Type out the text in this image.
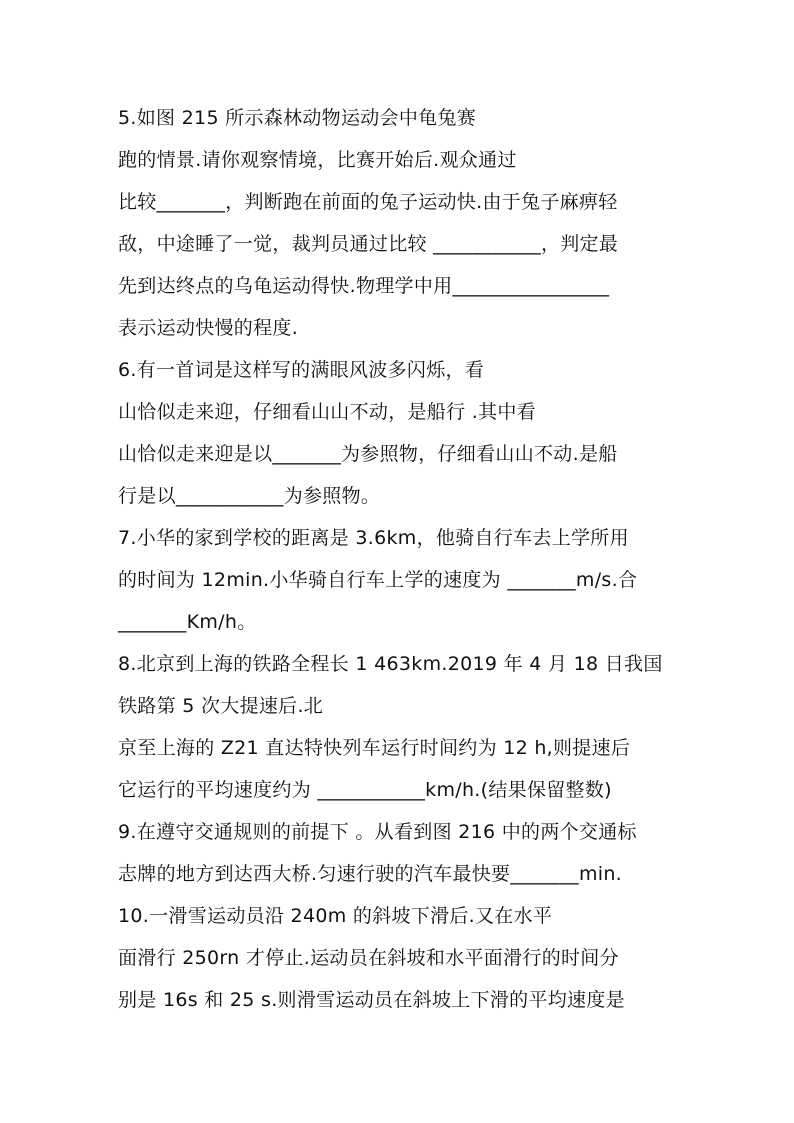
5.如图 215 所示森林动物运动会中龟兔赛
跑的情景.请你观察情境，比赛开始后.观众通过
比较_______，判断跑在前面的兔子运动快.由于兔子麻痹轻
敌，中途睡了一觉，裁判员通过比较 ___________，判定最
先到达终点的乌龟运动得快.物理学中用________________
表示运动快慢的程度.
6.有一首词是这样写的满眼风波多闪烁，看
山恰似走来迎，仔细看山山不动，是船行 .其中看
山恰似走来迎是以_______为参照物，仔细看山山不动.是船
行是以___________为参照物。
7.小华的家到学校的距离是 3.6km，他骑自行车去上学所用
的时间为 12min.小华骑自行车上学的速度为 _______m/s.合
_______Km/h。
8.北京到上海的铁路全程长 1 463km.2019 年 4 月 18 日我国
铁路第 5 次大提速后.北
京至上海的 Z21 直达特快列车运行时间约为 12 h,则提速后
它运行的平均速度约为 ___________km/h.(结果保留整数)
9.在遵守交通规则的前提下 。从看到图 216 中的两个交通标
志牌的地方到达西大桥.匀速行驶的汽车最快要_______min.
10.一滑雪运动员沿 240m 的斜坡下滑后.又在水平
面滑行 250rn 才停止.运动员在斜坡和水平面滑行的时间分
别是 16s 和 25 s.则滑雪运动员在斜坡上下滑的平均速度是
